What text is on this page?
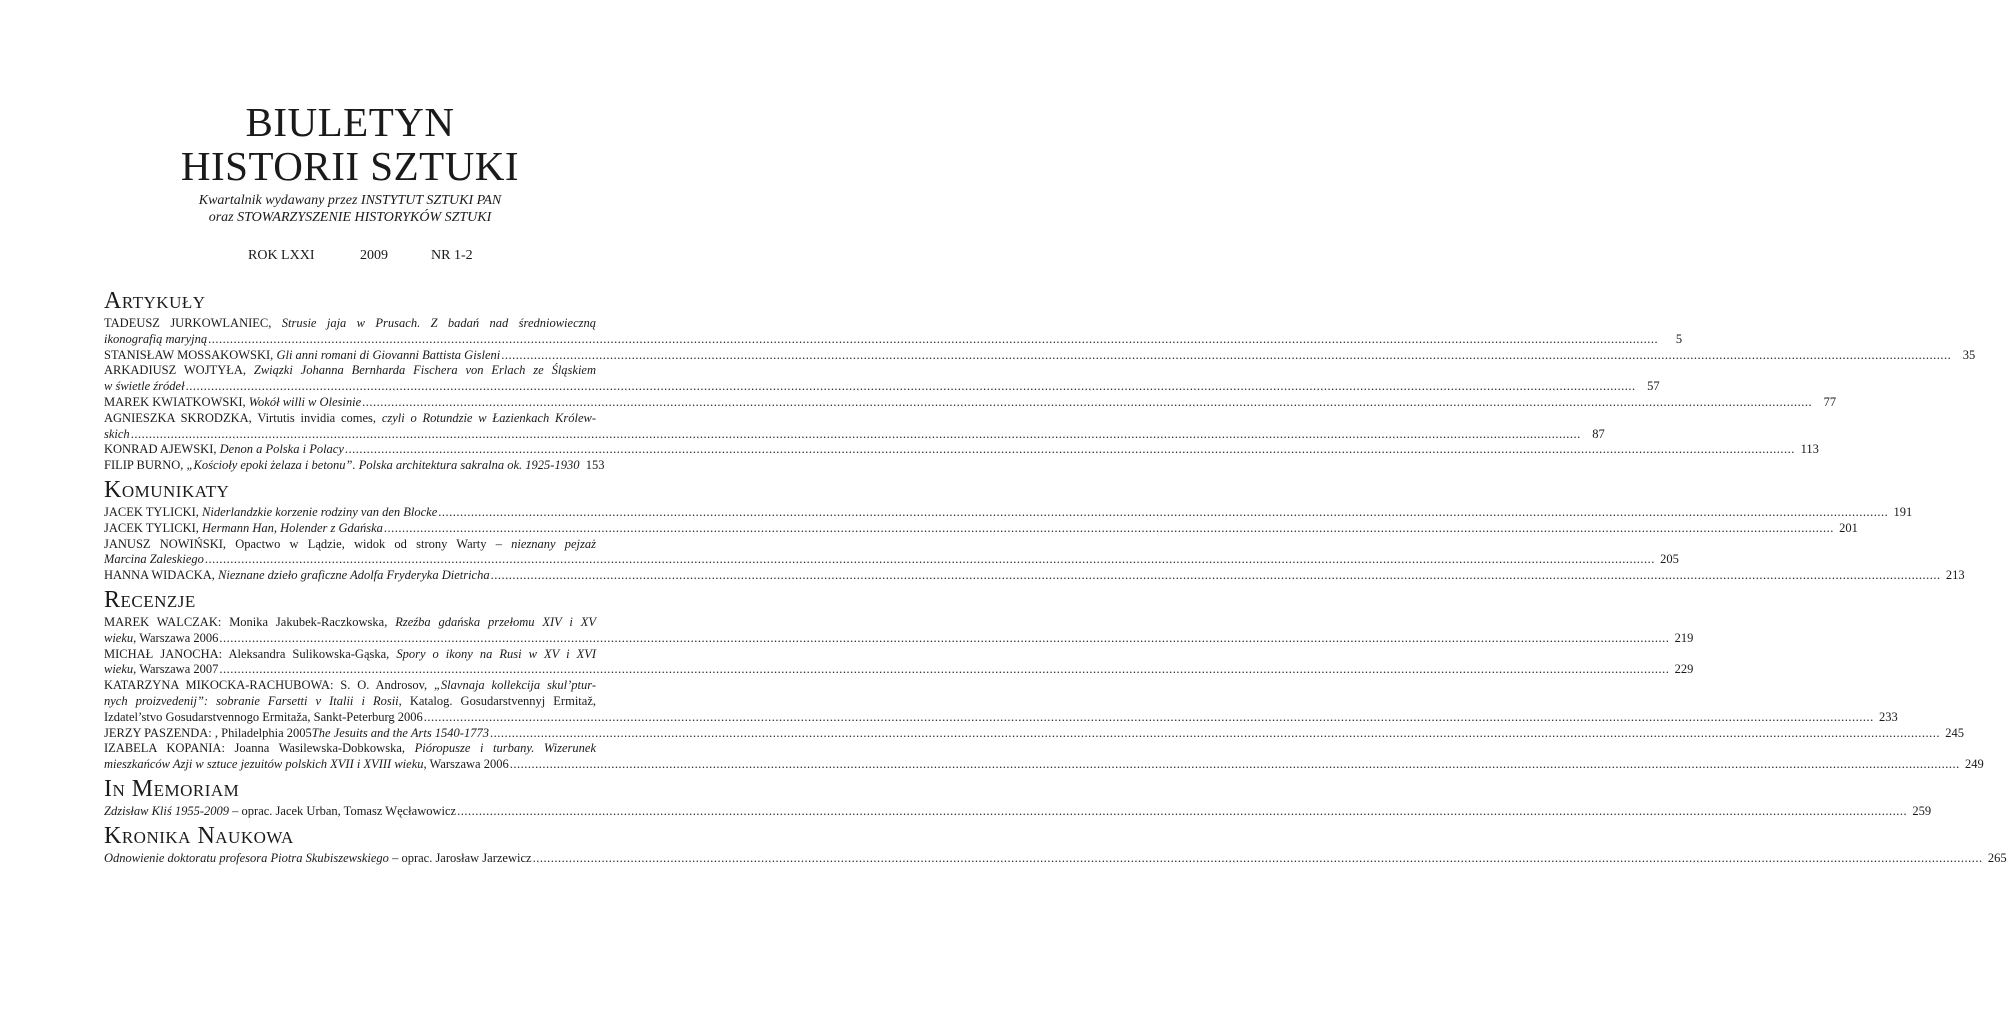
BIULETYN
HISTORII SZTUKI
Kwartalnik wydawany przez INSTYTUT SZTUKI PAN
oraz STOWARZYSZENIE HISTORYKÓW SZTUKI
ROK LXXI	2009	NR 1-2
Artykuły
TADEUSZ JURKOWLANIEC, Strusie jaja w Prusach. Z badań nad średniowieczną
ikonografią maryjną ................................................................................................................................................................................................................................................................................................................................................................................................................	5
STANISŁAW MOSSAKOWSKI, Gli anni romani di Giovanni Battista Gisleni ................................................................................................................................................................................................................................................................................................................................................................................................................ 35
ARKADIUSZ WOJTYŁA, Związki Johanna Bernharda Fischera von Erlach ze Śląskiem
w świetle źródeł ................................................................................................................................................................................................................................................................................................................................................................................................................ 57
MAREK KWIATKOWSKI, Wokół willi w Olesinie ................................................................................................................................................................................................................................................................................................................................................................................................................ 77
AGNIESZKA SKRODZKA, Virtutis invidia comes, czyli o Rotundzie w Łazienkach Królew-
skich ................................................................................................................................................................................................................................................................................................................................................................................................................ 87
KONRAD AJEWSKI, Denon a Polska i Polacy ................................................................................................................................................................................................................................................................................................................................................................................................................ 113
FILIP BURNO, „Kościoły epoki żelaza i betonu”. Polska architektura sakralna ok. 1925-1930 153
Komunikaty
JACEK TYLICKI, Niderlandzkie korzenie rodziny van den Blocke ................................................................................................................................................................................................................................................................................................................................................................................................................ 191
JACEK TYLICKI, Hermann Han, Holender z Gdańska ................................................................................................................................................................................................................................................................................................................................................................................................................ 201
JANUSZ NOWIŃSKI, Opactwo w Lądzie, widok od strony Warty – nieznany pejzaż
Marcina Zaleskiego ................................................................................................................................................................................................................................................................................................................................................................................................................ 205
HANNA WIDACKA, Nieznane dzieło graficzne Adolfa Fryderyka Dietricha ................................................................................................................................................................................................................................................................................................................................................................................................................ 213
Recenzje
MAREK WALCZAK: Monika Jakubek-Raczkowska, Rzeźba gdańska przełomu XIV i XV
wieku, Warszawa 2006 ................................................................................................................................................................................................................................................................................................................................................................................................................ 219
MICHAŁ JANOCHA: Aleksandra Sulikowska-Gąska, Spory o ikony na Rusi w XV i XVI
wieku, Warszawa 2007 ................................................................................................................................................................................................................................................................................................................................................................................................................ 229
KATARZYNA MIKOCKA-RACHUBOWA: S. O. Androsov, „Slavnaja kollekcija skul’ptur-
nych proizvedenij”: sobranie Farsetti v Italii i Rosii, Katalog. Gosudarstvennyj Ermitaž,
Izdatel’stvo Gosudarstvennogo Ermitaža, Sankt-Peterburg 2006 ................................................................................................................................................................................................................................................................................................................................................................................................................ 233
JERZY PASZENDA: , Philadelphia 2005The Jesuits and the Arts 1540-1773 ................................................................................................................................................................................................................................................................................................................................................................................................................ 245
IZABELA KOPANIA: Joanna Wasilewska-Dobkowska, Pióropusze i turbany. Wizerunek
mieszkańców Azji w sztuce jezuitów polskich XVII i XVIII wieku, Warszawa 2006 ................................................................................................................................................................................................................................................................................................................................................................................................................ 249
In Memoriam
Zdzisław Kliś 1955-2009 – oprac. Jacek Urban, Tomasz Węcławowicz ................................................................................................................................................................................................................................................................................................................................................................................................................ 259
Kronika Naukowa
Odnowienie doktoratu profesora Piotra Skubiszewskiego – oprac. Jarosław Jarzewicz ................................................................................................................................................................................................................................................................................................................................................................................................................ 265
